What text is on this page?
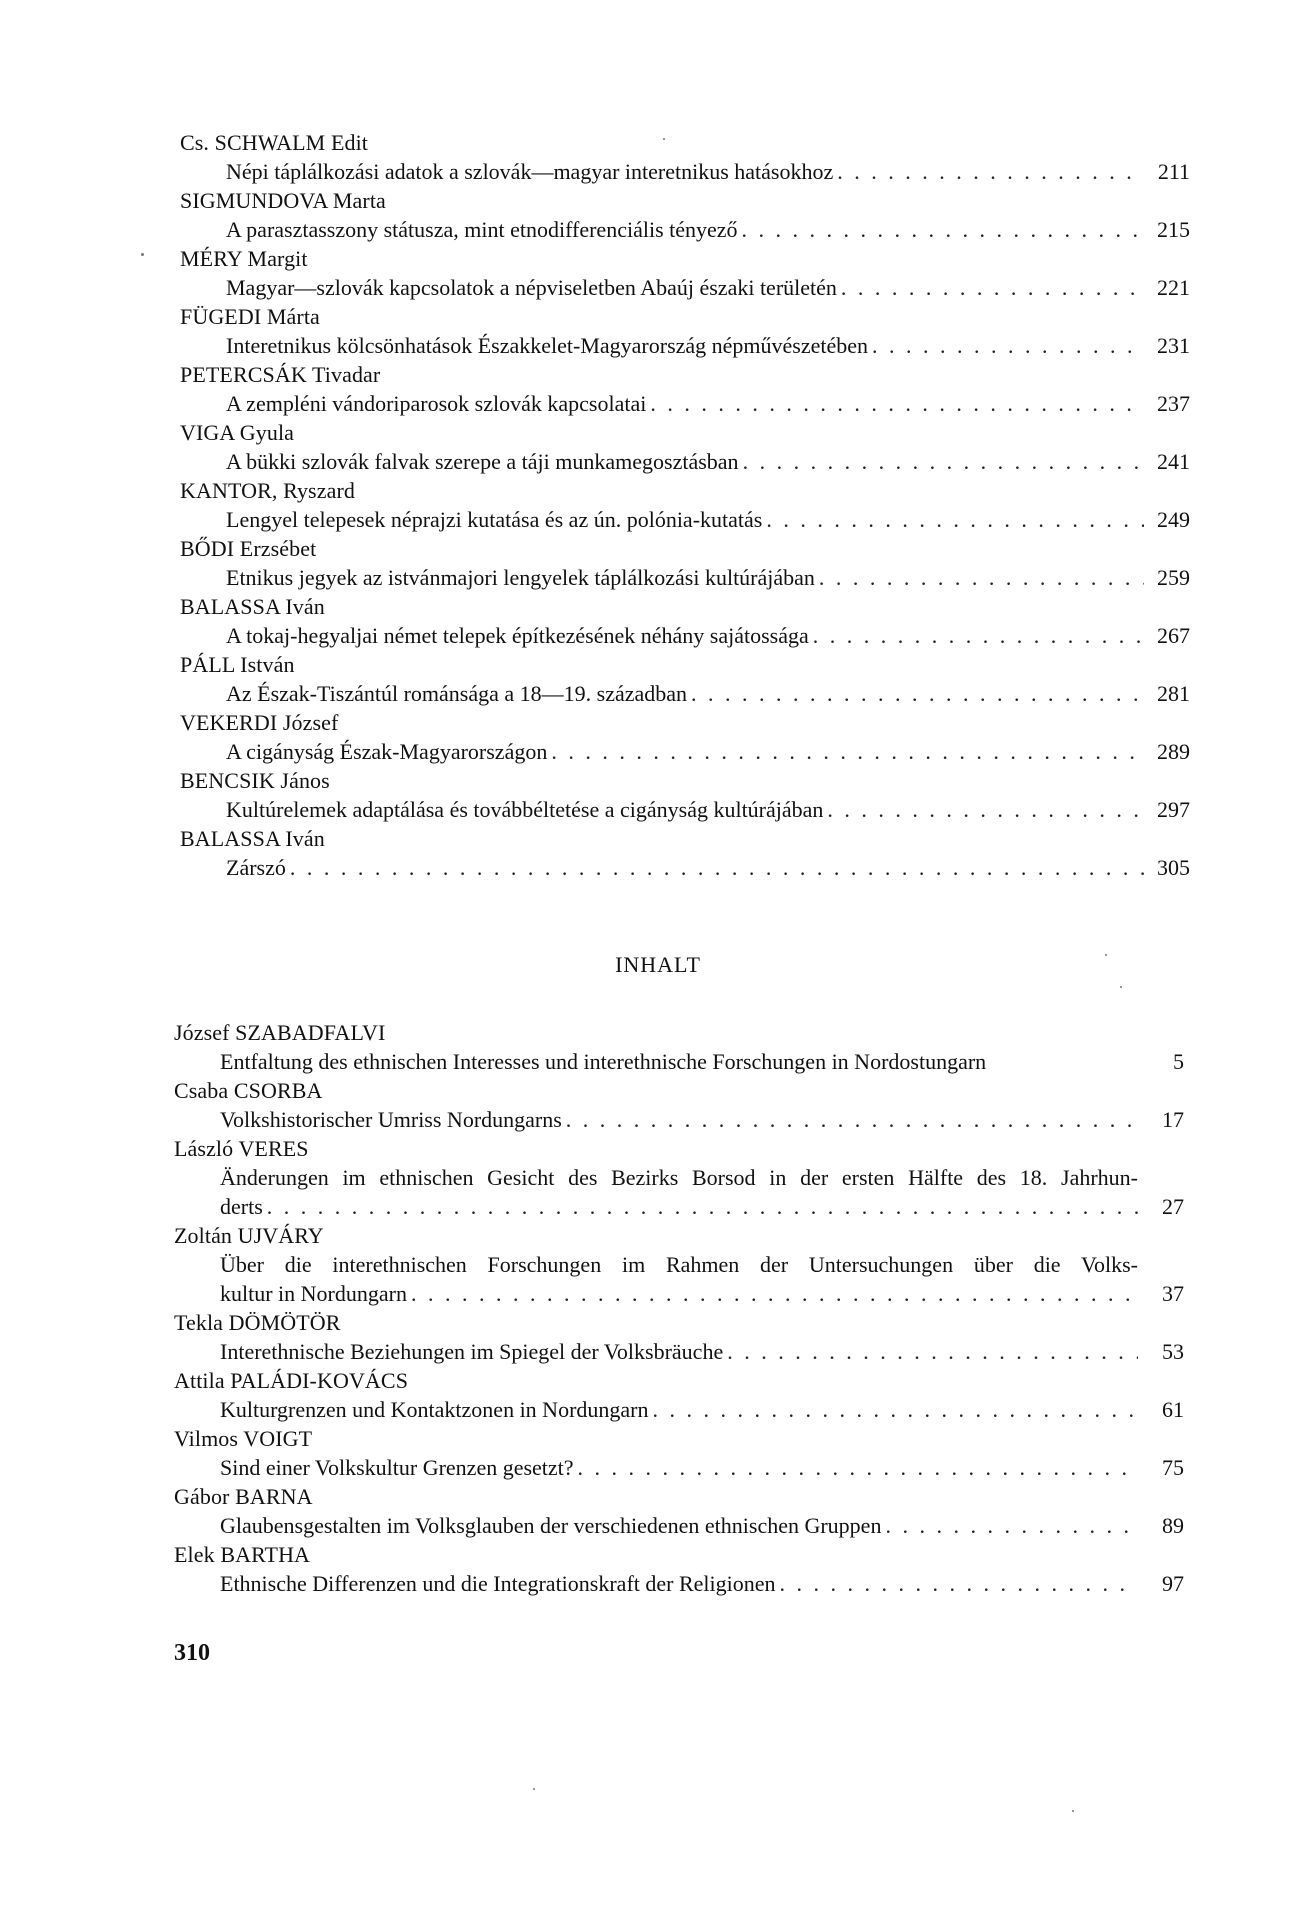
Cs. SCHWALM Edit
Népi táplálkozási adatok a szlovák—magyar interetnikus hatásokhoz . . .	211
SIGMUNDOVA Marta
A parasztasszony státusza, mint etnodifferenciális tényező . . .	215
MÉRY Margit
Magyar—szlovák kapcsolatok a népviseletben Abaúj északi területén . . .	221
FÜGEDI Márta
Interetnikus kölcsönhatások Északkelet-Magyarország népművészetében . . .	231
PETERCSÁK Tivadar
A zempléni vándoriparosok szlovák kapcsolatai . . .	237
VIGA Gyula
A bükki szlovák falvak szerepe a táji munkamegosztásban . . .	241
KANTOR, Ryszard
Lengyel telepesek néprajzi kutatása és az ún. polónia-kutatás . . .	249
BŐDI Erzsébet
Etnikus jegyek az istvánmajori lengyelek táplálkozási kultúrájában . . .	259
BALASSA Iván
A tokaj-hegyaljai német telepek építkezésének néhány sajátossága . . .	267
PÁLL István
Az Észak-Tiszántúl románsága a 18—19. században . . .	281
VEKERDI József
A cigányság Észak-Magyarországon . . .	289
BENCSIK János
Kultúrelemek adaptálása és továbbéltetése a cigányság kultúrájában . . .	297
BALASSA Iván
Zárszó . . .	305
INHALT
József SZABADFALVI
Entfaltung des ethnischen Interesses und interethnische Forschungen in Nordostungarn	5
Csaba CSORBA
Volkshistorischer Umriss Nordungarns . . .	17
László VERES
Änderungen im ethnischen Gesicht des Bezirks Borsod in der ersten Hälfte des 18. Jahrhun-
derts . . .	27
Zoltán UJVÁRY
Über die interethnischen Forschungen im Rahmen der Untersuchungen über die Volks-
kultur in Nordungarn . . .	37
Tekla DÖMÖTÖR
Interethnische Beziehungen im Spiegel der Volksbräuche . . .	53
Attila PALÁDI-KOVÁCS
Kulturgrenzen und Kontaktzonen in Nordungarn . . .	61
Vilmos VOIGT
Sind einer Volkskultur Grenzen gesetzt? . . .	75
Gábor BARNA
Glaubensgestalten im Volksglauben der verschiedenen ethnischen Gruppen . . .	89
Elek BARTHA
Ethnische Differenzen und die Integrationskraft der Religionen . . .	97

310
